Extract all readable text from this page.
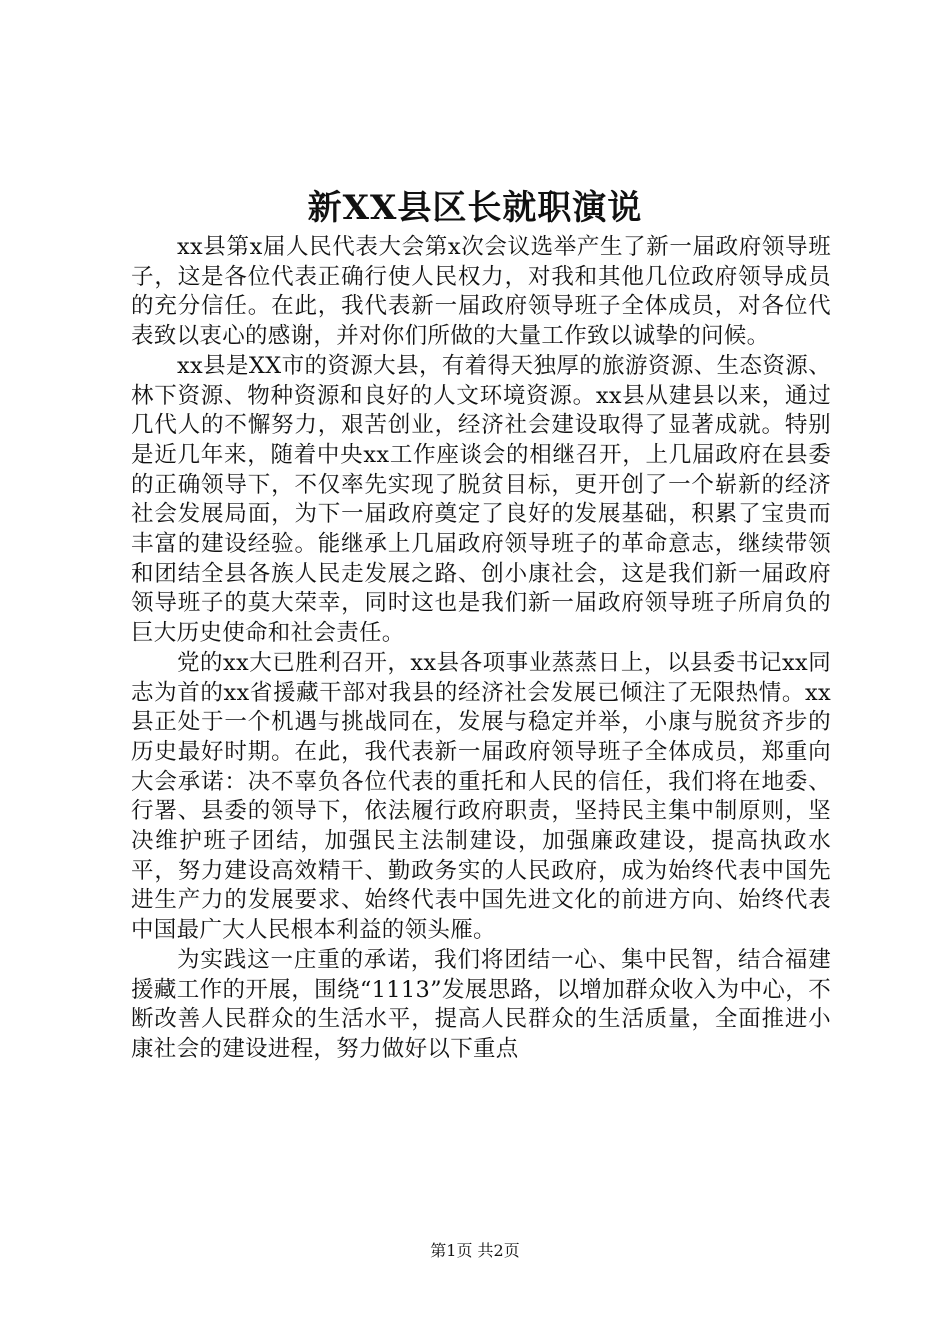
新XX县区长就职演说

xx县第x届人民代表大会第x次会议选举产生了新一届政府领导班子，这是各位代表正确行使人民权力，对我和其他几位政府领导成员的充分信任。在此，我代表新一届政府领导班子全体成员，对各位代表致以衷心的感谢，并对你们所做的大量工作致以诚挚的问候。

xx县是XX市的资源大县，有着得天独厚的旅游资源、生态资源、林下资源、物种资源和良好的人文环境资源。xx县从建县以来，通过几代人的不懈努力，艰苦创业，经济社会建设取得了显著成就。特别是近几年来，随着中央xx工作座谈会的相继召开，上几届政府在县委的正确领导下，不仅率先实现了脱贫目标，更开创了一个崭新的经济社会发展局面，为下一届政府奠定了良好的发展基础，积累了宝贵而丰富的建设经验。能继承上几届政府领导班子的革命意志，继续带领和团结全县各族人民走发展之路、创小康社会，这是我们新一届政府领导班子的莫大荣幸，同时这也是我们新一届政府领导班子所肩负的巨大历史使命和社会责任。

党的xx大已胜利召开，xx县各项事业蒸蒸日上，以县委书记xx同志为首的xx省援藏干部对我县的经济社会发展已倾注了无限热情。xx县正处于一个机遇与挑战同在，发展与稳定并举，小康与脱贫齐步的历史最好时期。在此，我代表新一届政府领导班子全体成员，郑重向大会承诺：决不辜负各位代表的重托和人民的信任，我们将在地委、行署、县委的领导下，依法履行政府职责，坚持民主集中制原则，坚决维护班子团结，加强民主法制建设，加强廉政建设，提高执政水平，努力建设高效精干、勤政务实的人民政府，成为始终代表中国先进生产力的发展要求、始终代表中国先进文化的前进方向、始终代表中国最广大人民根本利益的领头雁。

为实践这一庄重的承诺，我们将团结一心、集中民智，结合福建援藏工作的开展，围绕“1113”发展思路，以增加群众收入为中心，不断改善人民群众的生活水平，提高人民群众的生活质量，全面推进小康社会的建设进程，努力做好以下重点

第1页 共2页
